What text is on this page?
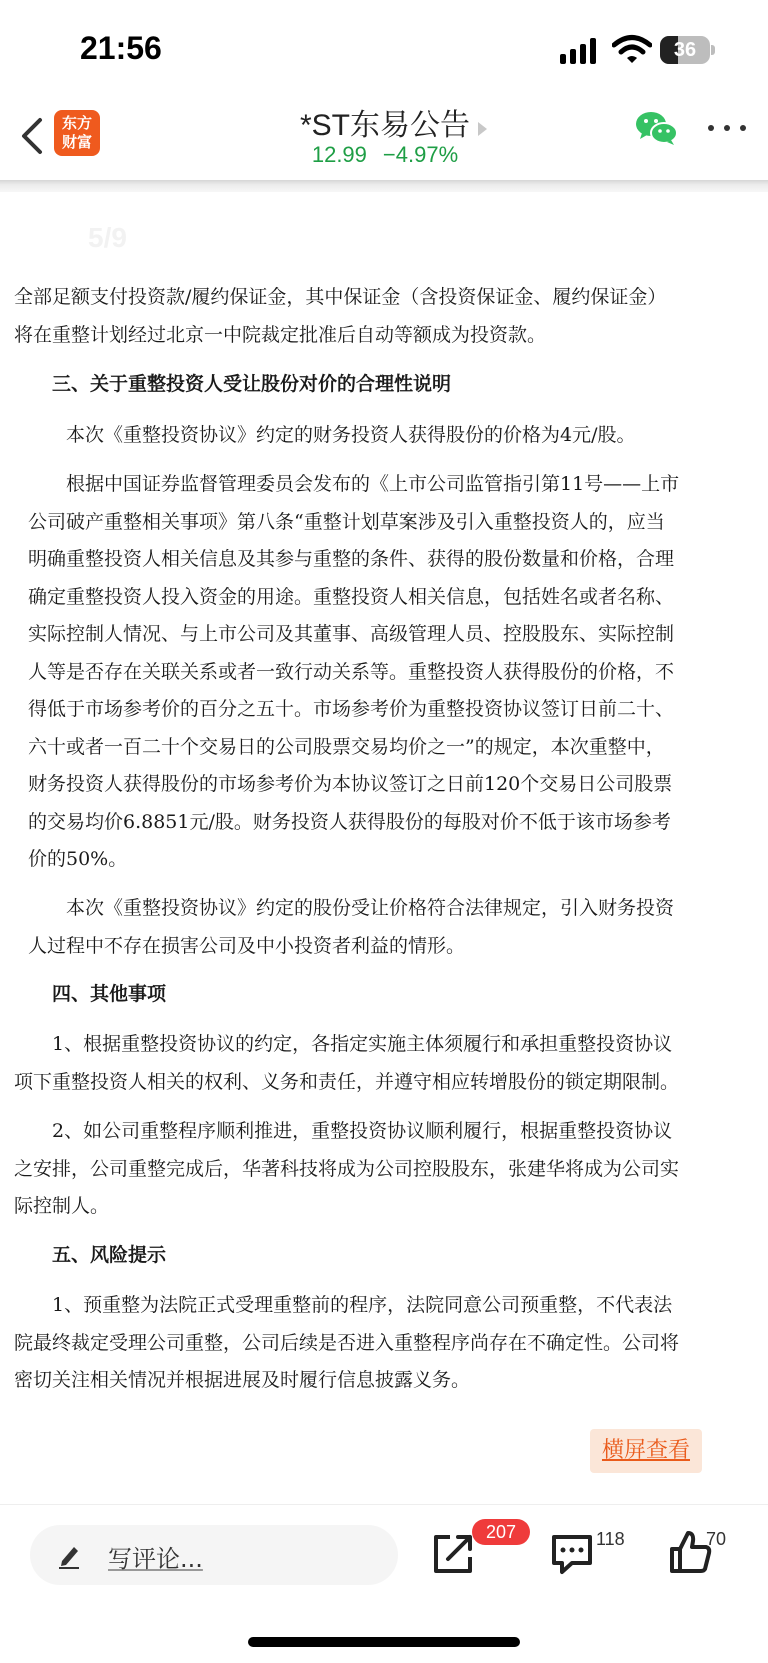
21:56	36
东方
财富	*ST东易公告
12.99 −4.97%
5/9
全部足额支付投资款/履约保证金，其中保证金（含投资保证金、履约保证金）
将在重整计划经过北京一中院裁定批准后自动等额成为投资款。
三、关于重整投资人受让股份对价的合理性说明
本次《重整投资协议》约定的财务投资人获得股份的价格为4元/股。
根据中国证券监督管理委员会发布的《上市公司监管指引第11号——上市
公司破产重整相关事项》第八条“重整计划草案涉及引入重整投资人的，应当
明确重整投资人相关信息及其参与重整的条件、获得的股份数量和价格，合理
确定重整投资人投入资金的用途。重整投资人相关信息，包括姓名或者名称、
实际控制人情况、与上市公司及其董事、高级管理人员、控股股东、实际控制
人等是否存在关联关系或者一致行动关系等。重整投资人获得股份的价格，不
得低于市场参考价的百分之五十。市场参考价为重整投资协议签订日前二十、
六十或者一百二十个交易日的公司股票交易均价之一”的规定，本次重整中，
财务投资人获得股份的市场参考价为本协议签订之日前120个交易日公司股票
的交易均价6.8851元/股。财务投资人获得股份的每股对价不低于该市场参考
价的50%。
本次《重整投资协议》约定的股份受让价格符合法律规定，引入财务投资
人过程中不存在损害公司及中小投资者利益的情形。
四、其他事项
1、根据重整投资协议的约定，各指定实施主体须履行和承担重整投资协议
项下重整投资人相关的权利、义务和责任，并遵守相应转增股份的锁定期限制。
2、如公司重整程序顺利推进，重整投资协议顺利履行，根据重整投资协议
之安排，公司重整完成后，华著科技将成为公司控股股东，张建华将成为公司实
际控制人。
五、风险提示
1、预重整为法院正式受理重整前的程序，法院同意公司预重整，不代表法
院最终裁定受理公司重整，公司后续是否进入重整程序尚存在不确定性。公司将
密切关注相关情况并根据进展及时履行信息披露义务。
横屏查看
写评论...
207	118	70
